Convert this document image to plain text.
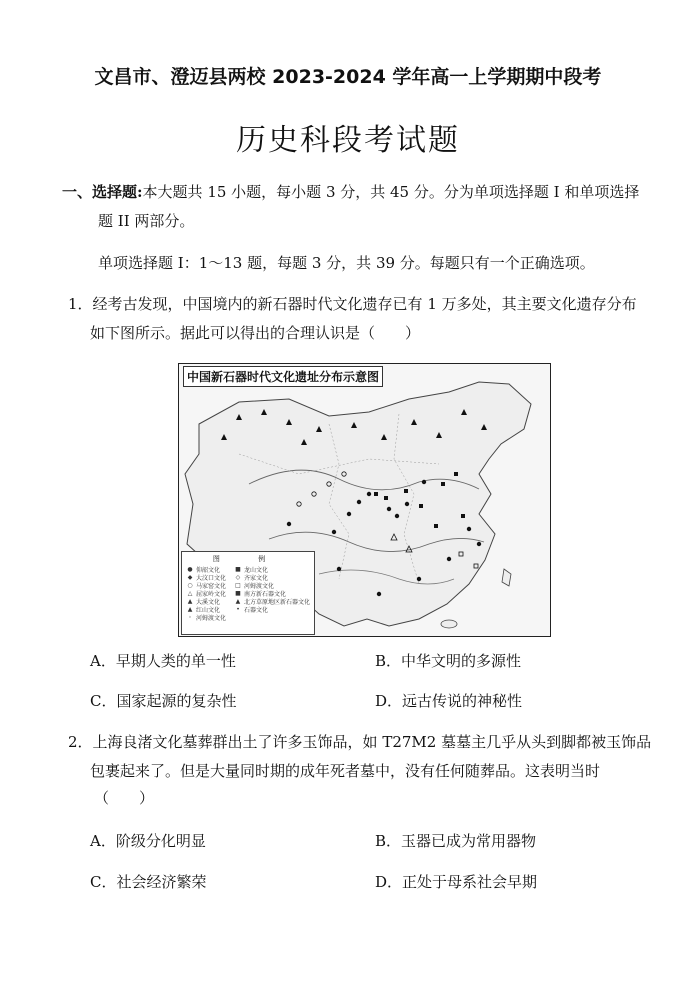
文昌市、澄迈县两校 2023-2024 学年高一上学期期中段考
历史科段考试题
一、选择题:本大题共 15 小题，每小题 3 分，共 45 分。分为单项选择题 I 和单项选择
题 II 两部分。
单项选择题 I：1～13 题，每题 3 分，共 39 分。每题只有一个正确选项。
1．经考古发现，中国境内的新石器时代文化遗存已有 1 万多处，其主要文化遗存分布
如下图所示。据此可以得出的合理认识是（　　）
中国新石器时代文化遗址分布示意图
图 例
● 仰韶文化	■ 龙山文化
◆ 大汶口文化 ◇ 齐家文化
○ 马家窑文化 □ 河姆渡文化
△ 屈家岭文化 ■ 南方新石器文化
▲ 大溪文化	▲ 北方草原地区新石器文化
▲ 红山文化	• 石器文化
◦ 河姆渡文化
A．早期人类的单一性	B．中华文明的多源性
C．国家起源的复杂性	D．远古传说的神秘性
2．上海良渚文化墓葬群出土了许多玉饰品，如 T27M2 墓墓主几乎从头到脚都被玉饰品
包裹起来了。但是大量同时期的成年死者墓中，没有任何随葬品。这表明当时
（　　）
A．阶级分化明显	B．玉器已成为常用器物
C．社会经济繁荣	D．正处于母系社会早期
